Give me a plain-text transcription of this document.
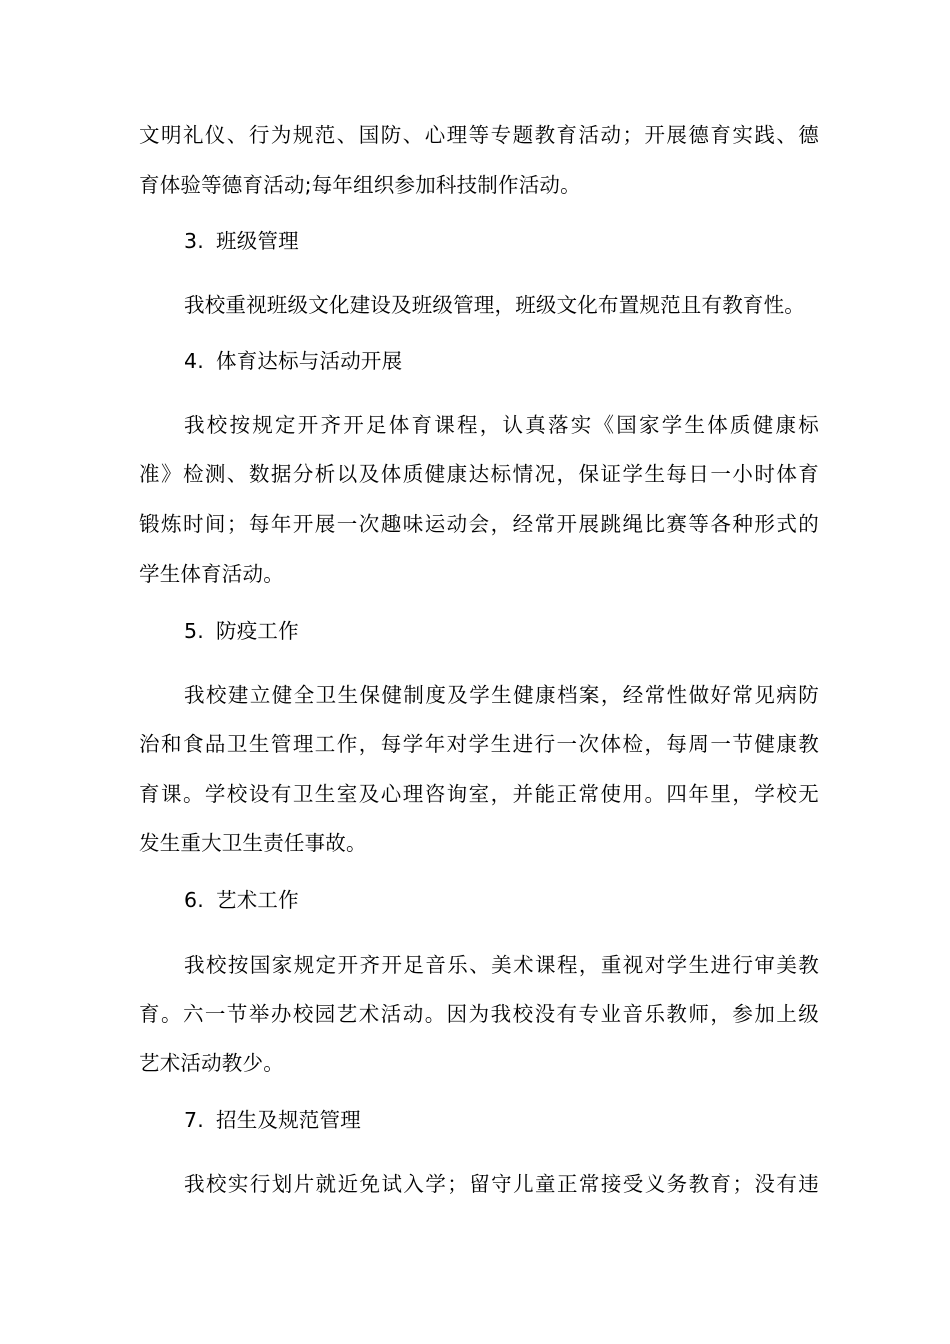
文明礼仪、行为规范、国防、心理等专题教育活动；开展德育实践、德
育体验等德育活动;每年组织参加科技制作活动。
3. 班级管理
我校重视班级文化建设及班级管理，班级文化布置规范且有教育性。
4. 体育达标与活动开展
我校按规定开齐开足体育课程，认真落实《国家学生体质健康标
准》检测、数据分析以及体质健康达标情况，保证学生每日一小时体育
锻炼时间；每年开展一次趣味运动会，经常开展跳绳比赛等各种形式的
学生体育活动。
5. 防疫工作
我校建立健全卫生保健制度及学生健康档案，经常性做好常见病防
治和食品卫生管理工作，每学年对学生进行一次体检，每周一节健康教
育课。学校设有卫生室及心理咨询室，并能正常使用。四年里，学校无
发生重大卫生责任事故。
6. 艺术工作
我校按国家规定开齐开足音乐、美术课程，重视对学生进行审美教
育。六一节举办校园艺术活动。因为我校没有专业音乐教师，参加上级
艺术活动教少。
7. 招生及规范管理
我校实行划片就近免试入学；留守儿童正常接受义务教育；没有违
